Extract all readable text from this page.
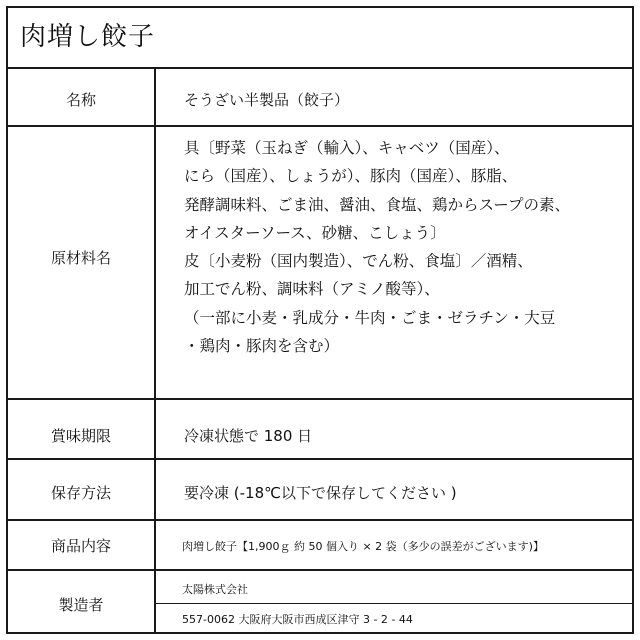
肉増し餃子
名称	そうざい半製品（餃子）
原材料名
具〔野菜（玉ねぎ（輸入）、キャベツ（国産）、
にら（国産）、しょうが）、豚肉（国産）、豚脂、
発酵調味料、ごま油、醤油、食塩、鶏からスープの素、
オイスターソース、砂糖、こしょう〕
皮〔小麦粉（国内製造）、でん粉、食塩〕／酒精、
加工でん粉、調味料（アミノ酸等）、
（一部に小麦・乳成分・牛肉・ごま・ゼラチン・大豆
・鶏肉・豚肉を含む）
賞味期限	冷凍状態で 180 日
保存方法	要冷凍 (-18℃以下で保存してください )
商品内容	肉増し餃子【1,900ｇ 約 50 個入り × 2 袋（多少の誤差がございます)】
製造者
太陽株式会社
557-0062 大阪府大阪市西成区津守 3 - 2 - 44
